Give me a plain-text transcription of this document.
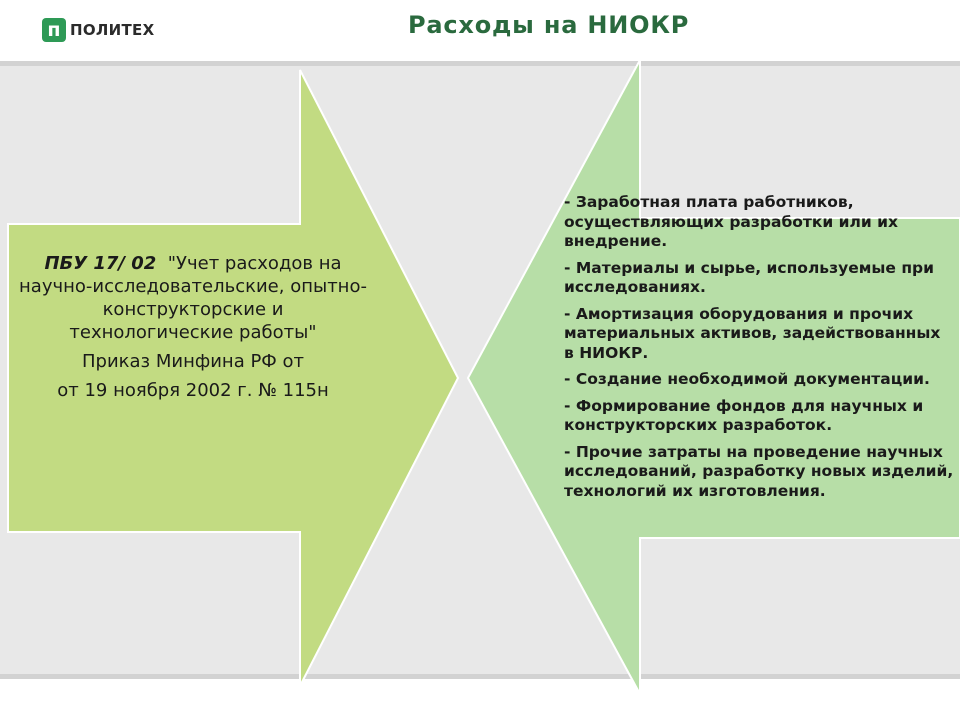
п ПОЛИТЕХ	Расходы на НИОКР
ПБУ 17/ 02 "Учет расходов на научно-исследовательские, опытно-конструкторские и технологические работы"
Приказ Минфина РФ от
от 19 ноября 2002 г. № 115н
- Заработная плата работников, осуществляющих разработки или их внедрение.
- Материалы и сырье, используемые при исследованиях.
- Амортизация оборудования и прочих материальных активов, задействованных в НИОКР.
- Создание необходимой документации.
- Формирование фондов для научных и конструкторских разработок.
- Прочие затраты на проведение научных исследований, разработку новых изделий, технологий их изготовления.
